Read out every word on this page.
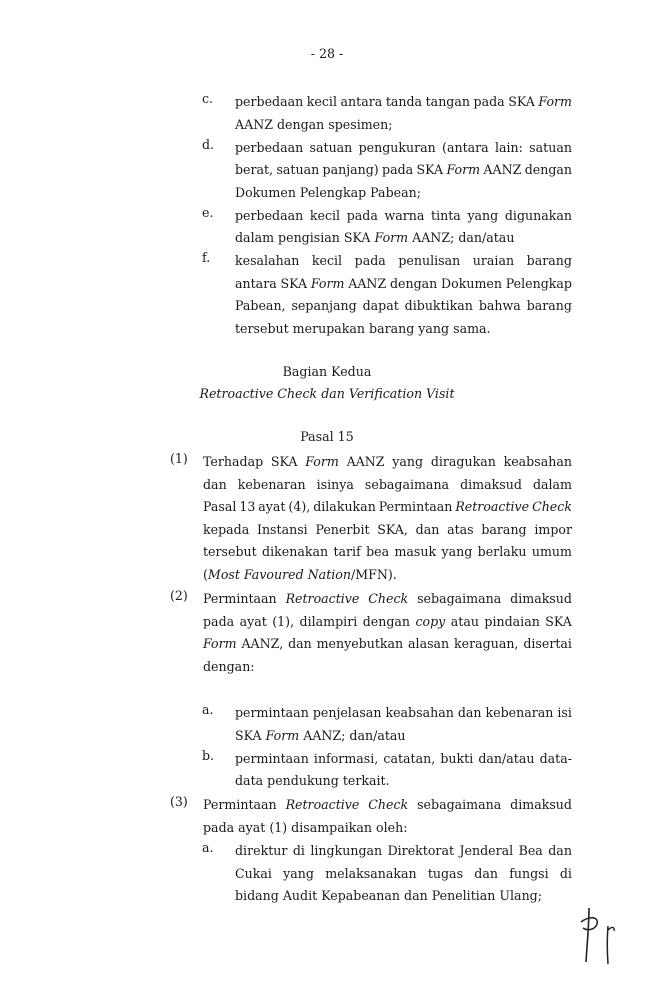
- 28 -
c. perbedaan kecil antara tanda tangan pada SKA Form
AANZ dengan spesimen;
d. perbedaan satuan pengukuran (antara lain: satuan
berat, satuan panjang) pada SKA Form AANZ dengan
Dokumen Pelengkap Pabean;
e. perbedaan kecil pada warna tinta yang digunakan
dalam pengisian SKA Form AANZ; dan/atau
f. kesalahan kecil pada penulisan uraian barang
antara SKA Form AANZ dengan Dokumen Pelengkap
Pabean, sepanjang dapat dibuktikan bahwa barang
tersebut merupakan barang yang sama.
Bagian Kedua
Retroactive Check dan Verification Visit
Pasal 15
(1) Terhadap SKA Form AANZ yang diragukan keabsahan
dan kebenaran isinya sebagaimana dimaksud dalam
Pasal 13 ayat (4), dilakukan Permintaan Retroactive Check
kepada Instansi Penerbit SKA, dan atas barang impor
tersebut dikenakan tarif bea masuk yang berlaku umum
( Most Favoured Nation /MFN).
(2) Permintaan Retroactive Check sebagaimana dimaksud
pada ayat (1), dilampiri dengan copy atau pindaian SKA
Form AANZ, dan menyebutkan alasan keraguan, disertai
dengan:
a. permintaan penjelasan keabsahan dan kebenaran isi
SKA Form AANZ; dan/atau
b. permintaan informasi, catatan, bukti dan/atau data-
data pendukung terkait.
(3) Permintaan Retroactive Check sebagaimana dimaksud
pada ayat (1) disampaikan oleh:
a. direktur di lingkungan Direktorat Jenderal Bea dan
Cukai yang melaksanakan tugas dan fungsi di
bidang Audit Kepabeanan dan Penelitian Ulang;
